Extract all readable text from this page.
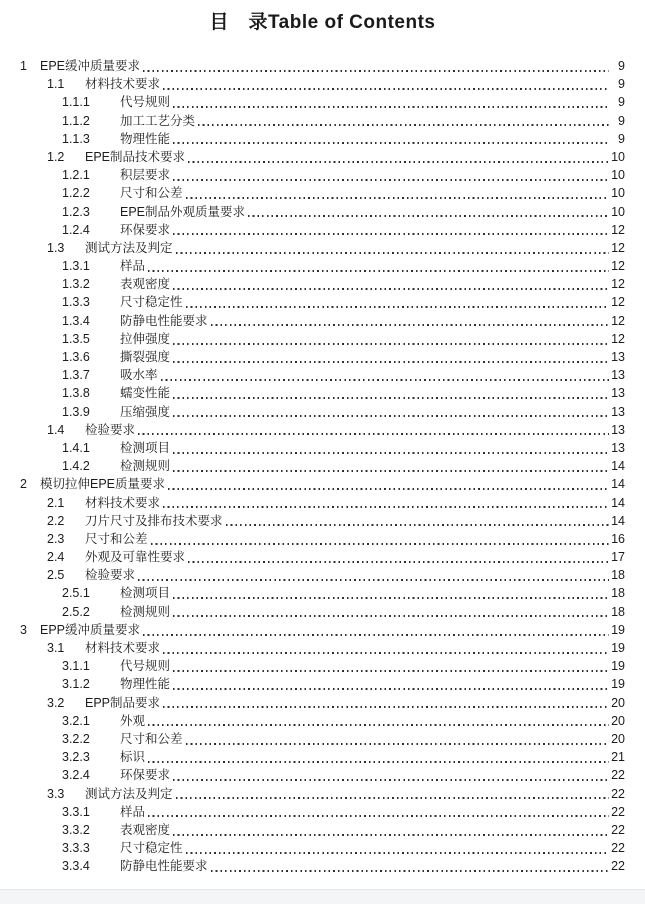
目　录Table of Contents
1	EPE缓冲质量要求	9
1.1	材料技术要求	9
1.1.1	代号规则	9
1.1.2	加工工艺分类	9
1.1.3	物理性能	9
1.2	EPE制品技术要求	10
1.2.1	积层要求	10
1.2.2	尺寸和公差	10
1.2.3	EPE制品外观质量要求	10
1.2.4	环保要求	12
1.3	测试方法及判定	12
1.3.1	样品	12
1.3.2	表观密度	12
1.3.3	尺寸稳定性	12
1.3.4	防静电性能要求	12
1.3.5	拉伸强度	12
1.3.6	撕裂强度	13
1.3.7	吸水率	13
1.3.8	蠕变性能	13
1.3.9	压缩强度	13
1.4	检验要求	13
1.4.1	检测项目	13
1.4.2	检测规则	14
2	模切拉伸EPE质量要求	14
2.1	材料技术要求	14
2.2	刀片尺寸及排布技术要求	14
2.3	尺寸和公差	16
2.4	外观及可靠性要求	17
2.5	检验要求	18
2.5.1	检测项目	18
2.5.2	检测规则	18
3	EPP缓冲质量要求	19
3.1	材料技术要求	19
3.1.1	代号规则	19
3.1.2	物理性能	19
3.2	EPP制品要求	20
3.2.1	外观	20
3.2.2	尺寸和公差	20
3.2.3	标识	21
3.2.4	环保要求	22
3.3	测试方法及判定	22
3.3.1	样品	22
3.3.2	表观密度	22
3.3.3	尺寸稳定性	22
3.3.4	防静电性能要求	22
